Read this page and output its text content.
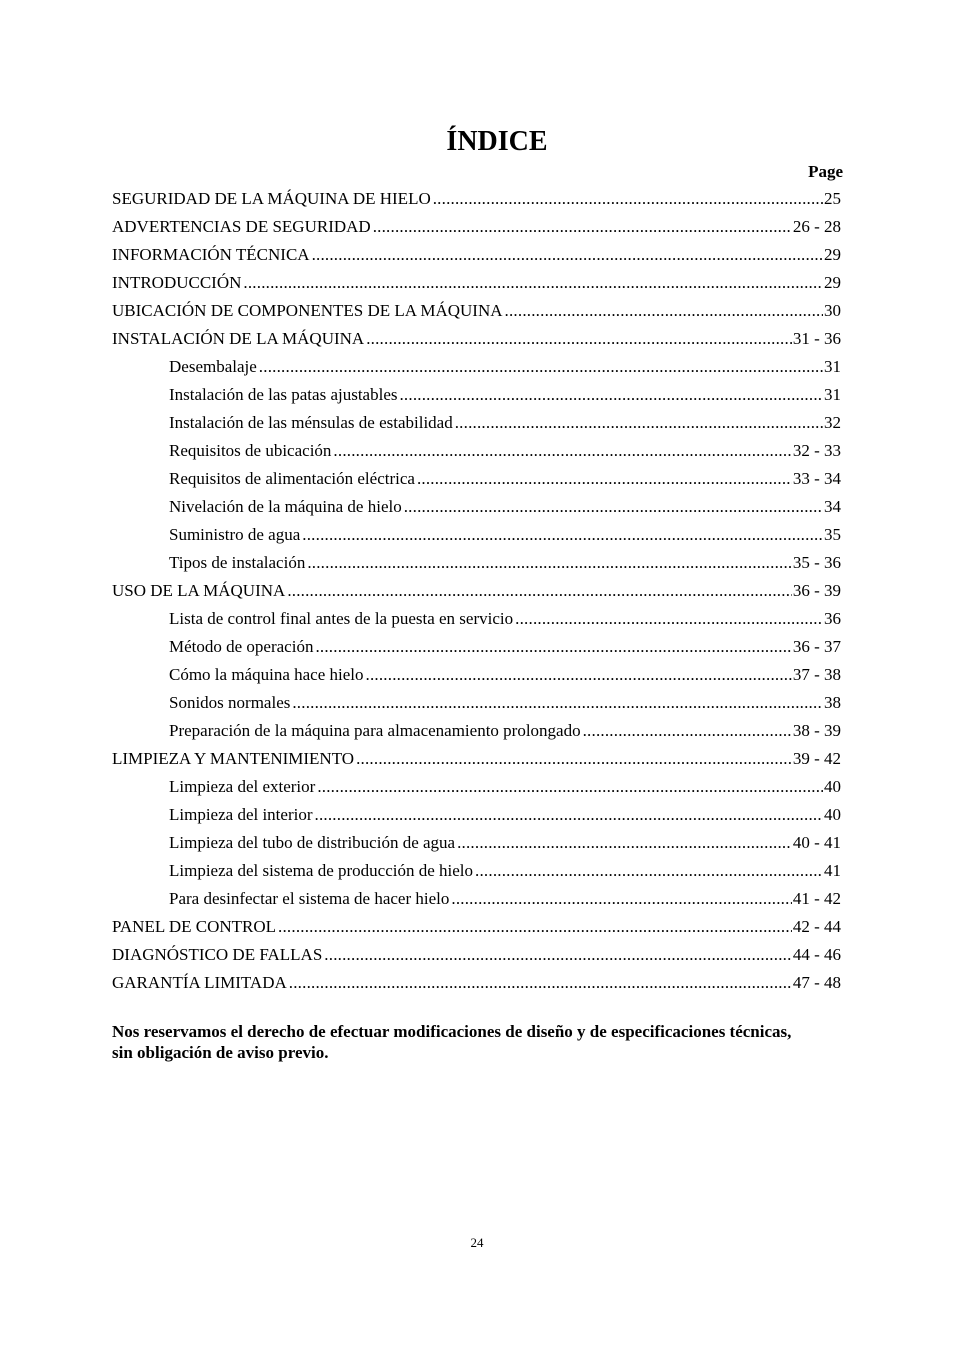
ÍNDICE
Page
SEGURIDAD DE LA MÁQUINA DE HIELO .....	25
ADVERTENCIAS DE SEGURIDAD .....	26 - 28
INFORMACIÓN TÉCNICA .....	29
INTRODUCCIÓN .....	29
UBICACIÓN DE COMPONENTES DE LA MÁQUINA .....	30
INSTALACIÓN DE LA MÁQUINA .....	31 - 36
Desembalaje .....	31
Instalación de las patas ajustables .....	31
Instalación de las ménsulas de estabilidad .....	32
Requisitos de ubicación .....	32 - 33
Requisitos de alimentación eléctrica .....	33 - 34
Nivelación de la máquina de hielo .....	34
Suministro de agua .....	35
Tipos de instalación .....	35 - 36
USO DE LA MÁQUINA .....	36 - 39
Lista de control final antes de la puesta en servicio .....	36
Método de operación .....	36 - 37
Cómo la máquina hace hielo .....	37 - 38
Sonidos normales .....	38
Preparación de la máquina para almacenamiento prolongado .....	38 - 39
LIMPIEZA Y MANTENIMIENTO .....	39 - 42
Limpieza del exterior .....	40
Limpieza del interior .....	40
Limpieza del tubo de distribución de agua .....	40 - 41
Limpieza del sistema de producción de hielo .....	41
Para desinfectar el sistema de hacer hielo .....	41 - 42
PANEL DE CONTROL .....	42 - 44
DIAGNÓSTICO DE FALLAS .....	44 - 46
GARANTÍA LIMITADA .....	47 - 48

Nos reservamos el derecho de efectuar modificaciones de diseño y de especificaciones técnicas, sin obligación de aviso previo.

24
